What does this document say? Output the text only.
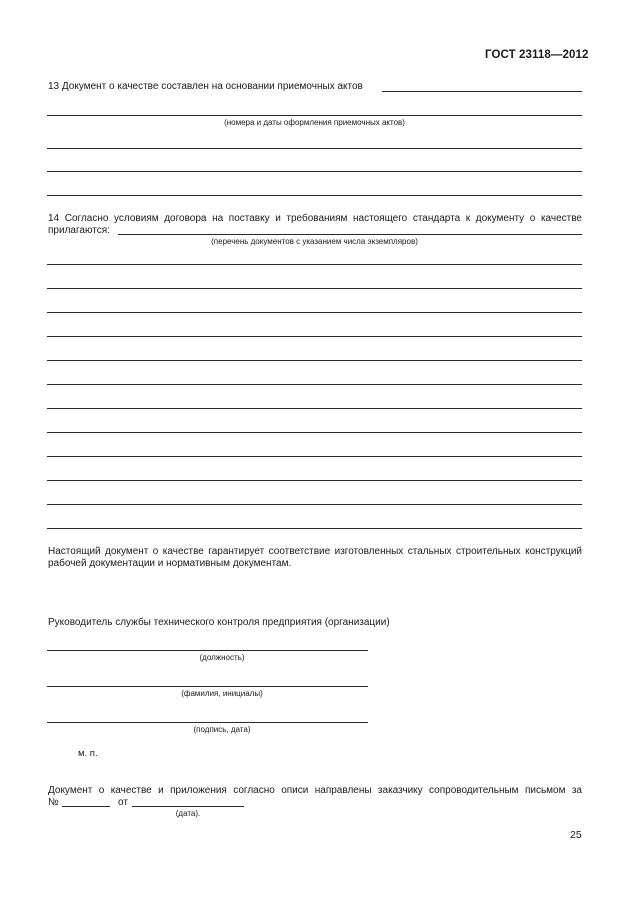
ГОСТ 23118—2012
13 Документ о качестве составлен на основании приемочных актов
(номера и даты оформления приемочных актов)
14 Согласно условиям договора на поставку и требованиям настоящего стандарта к документу о качестве
прилагаются:
(перечень документов с указанием числа экземпляров)
Настоящий документ о качестве гарантирует соответствие изготовленных стальных строительных конструкций
рабочей документации и нормативным документам.
Руководитель службы технического контроля предприятия (организации)
(должность)
(фамилия, инициалы)
(подпись, дата)
м. п.
Документ о качестве и приложения согласно описи направлены заказчику сопроводительным письмом за
№	от
(дата).
25
